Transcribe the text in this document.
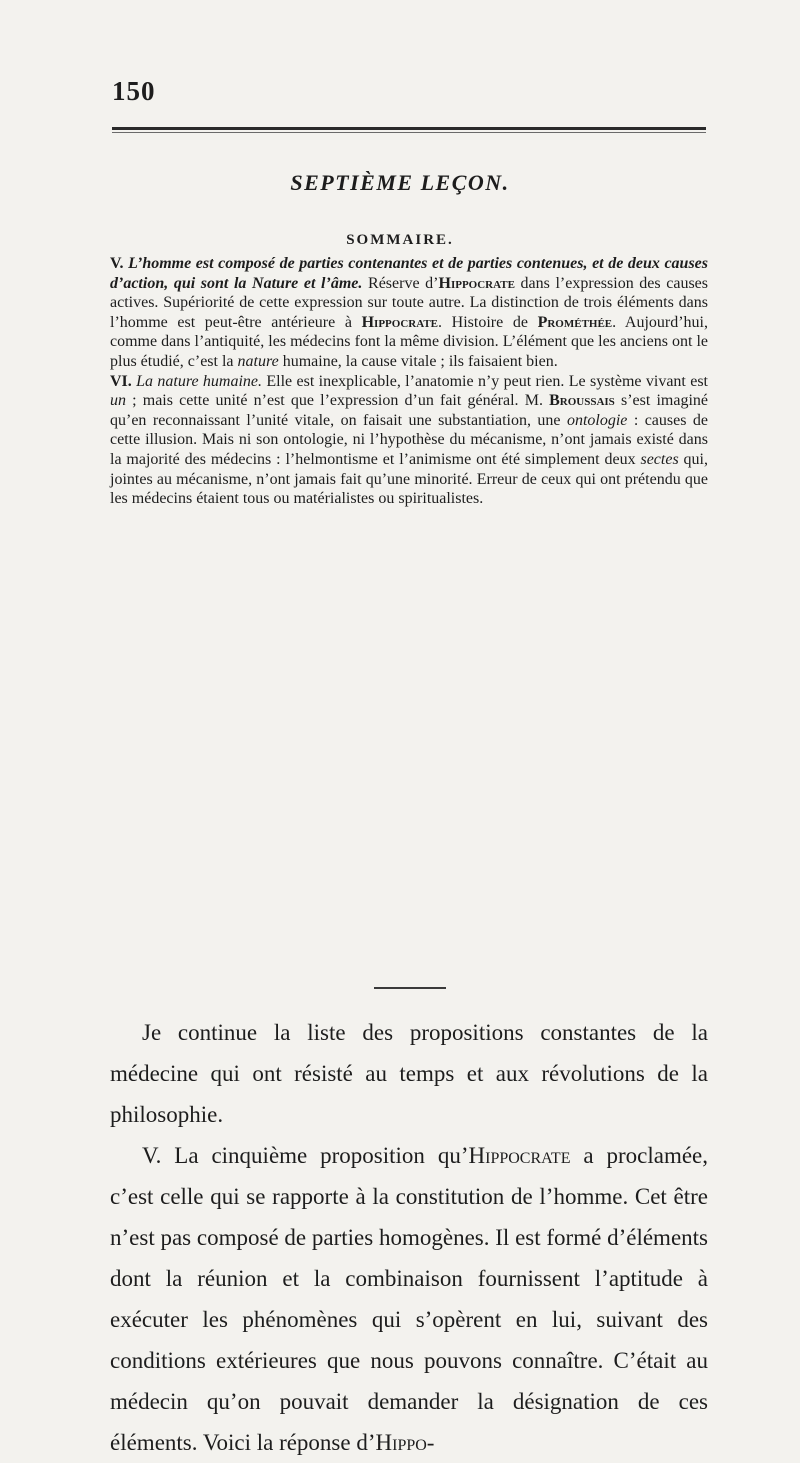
150
SEPTIÈME LEÇON.
SOMMAIRE.

V. L’homme est composé de parties contenantes et de parties contenues, et de deux causes d’action, qui sont la Nature et l’âme. Réserve d’Hippocrate dans l’expression des causes actives. Supériorité de cette expression sur toute autre. La distinction de trois éléments dans l’homme est peut-être antérieure à Hippocrate. Histoire de Prométhée. Aujourd’hui, comme dans l’antiquité, les médecins font la même division. L’élément que les anciens ont le plus étudié, c’est la nature humaine, la cause vitale ; ils faisaient bien.

VI. La nature humaine. Elle est inexplicable, l’anatomie n’y peut rien. Le système vivant est un ; mais cette unité n’est que l’expression d’un fait général. M. Broussais s’est imaginé qu’en reconnaissant l’unité vitale, on faisait une substantiation, une ontologie : causes de cette illusion. Mais ni son ontologie, ni l’hypothèse du mécanisme, n’ont jamais existé dans la majorité des médecins : l’helmontisme et l’animisme ont été simplement deux sectes qui, jointes au mécanisme, n’ont jamais fait qu’une minorité. Erreur de ceux qui ont prétendu que les médecins étaient tous ou matérialistes ou spiritualistes.

Je continue la liste des propositions constantes de la médecine qui ont résisté au temps et aux révolutions de la philosophie.

V. La cinquième proposition qu’Hippocrate a proclamée, c’est celle qui se rapporte à la constitution de l’homme. Cet être n’est pas composé de parties homogènes. Il est formé d’éléments dont la réunion et la combinaison fournissent l’aptitude à exécuter les phénomènes qui s’opèrent en lui, suivant des conditions extérieures que nous pouvons connaître. C’était au médecin qu’on pouvait demander la désignation de ces éléments. Voici la réponse d’Hippo-
